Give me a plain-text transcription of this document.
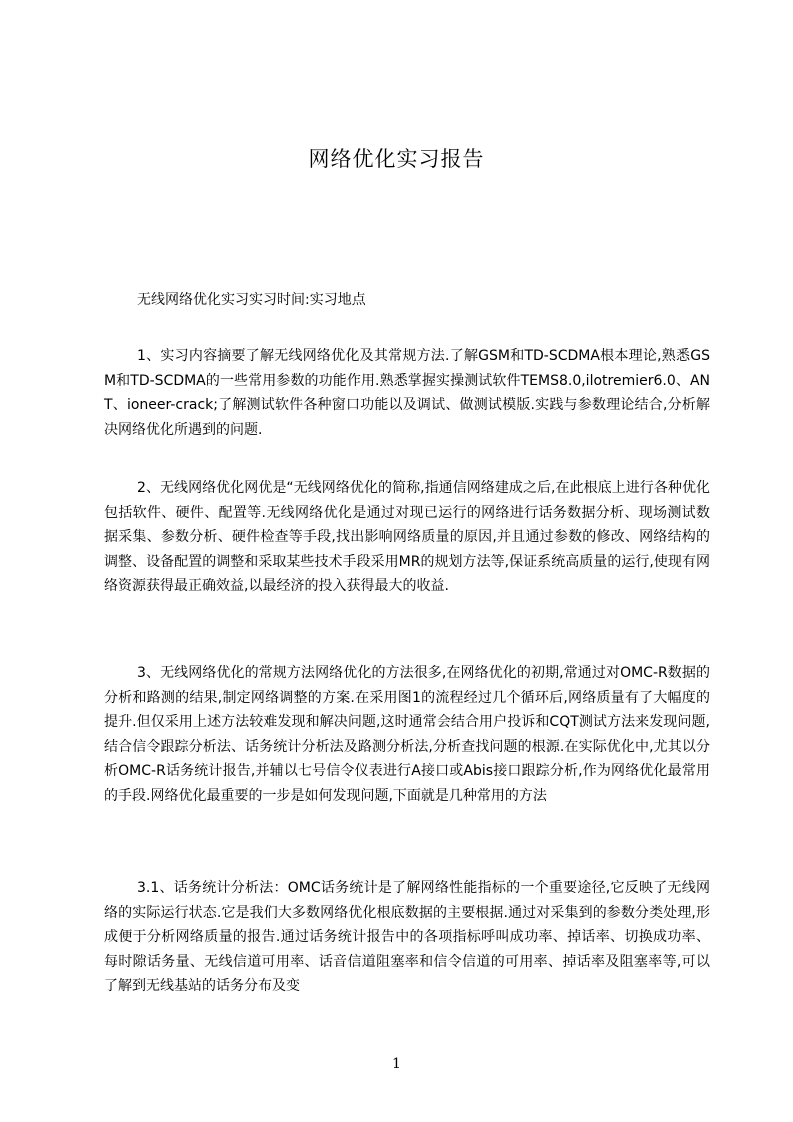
网络优化实习报告
无线网络优化实习实习时间:实习地点

1、实习内容摘要了解无线网络优化及其常规方法.了解GSM和TD-SCDMA根本理论,熟悉GSM和TD-SCDMA的一些常用参数的功能作用.熟悉掌握实操测试软件TEMS8.0,ilotremier6.0、ANT、ioneer-crack;了解测试软件各种窗口功能以及调试、做测试模版.实践与参数理论结合,分析解决网络优化所遇到的问题.

2、无线网络优化网优是“无线网络优化的简称,指通信网络建成之后,在此根底上进行各种优化包括软件、硬件、配置等.无线网络优化是通过对现已运行的网络进行话务数据分析、现场测试数据采集、参数分析、硬件检查等手段,找出影响网络质量的原因,并且通过参数的修改、网络结构的调整、设备配置的调整和采取某些技术手段采用MR的规划方法等,保证系统高质量的运行,使现有网络资源获得最正确效益,以最经济的投入获得最大的收益.

3、无线网络优化的常规方法网络优化的方法很多,在网络优化的初期,常通过对OMC-R数据的分析和路测的结果,制定网络调整的方案.在采用图1的流程经过几个循环后,网络质量有了大幅度的提升.但仅采用上述方法较难发现和解决问题,这时通常会结合用户投诉和CQT测试方法来发现问题,结合信令跟踪分析法、话务统计分析法及路测分析法,分析查找问题的根源.在实际优化中,尤其以分析OMC-R话务统计报告,并辅以七号信令仪表进行A接口或Abis接口跟踪分析,作为网络优化最常用的手段.网络优化最重要的一步是如何发现问题,下面就是几种常用的方法

3.1、话务统计分析法：OMC话务统计是了解网络性能指标的一个重要途径,它反映了无线网络的实际运行状态.它是我们大多数网络优化根底数据的主要根据.通过对采集到的参数分类处理,形成便于分析网络质量的报告.通过话务统计报告中的各项指标呼叫成功率、掉话率、切换成功率、每时隙话务量、无线信道可用率、话音信道阻塞率和信令信道的可用率、掉话率及阻塞率等,可以了解到无线基站的话务分布及变

1
